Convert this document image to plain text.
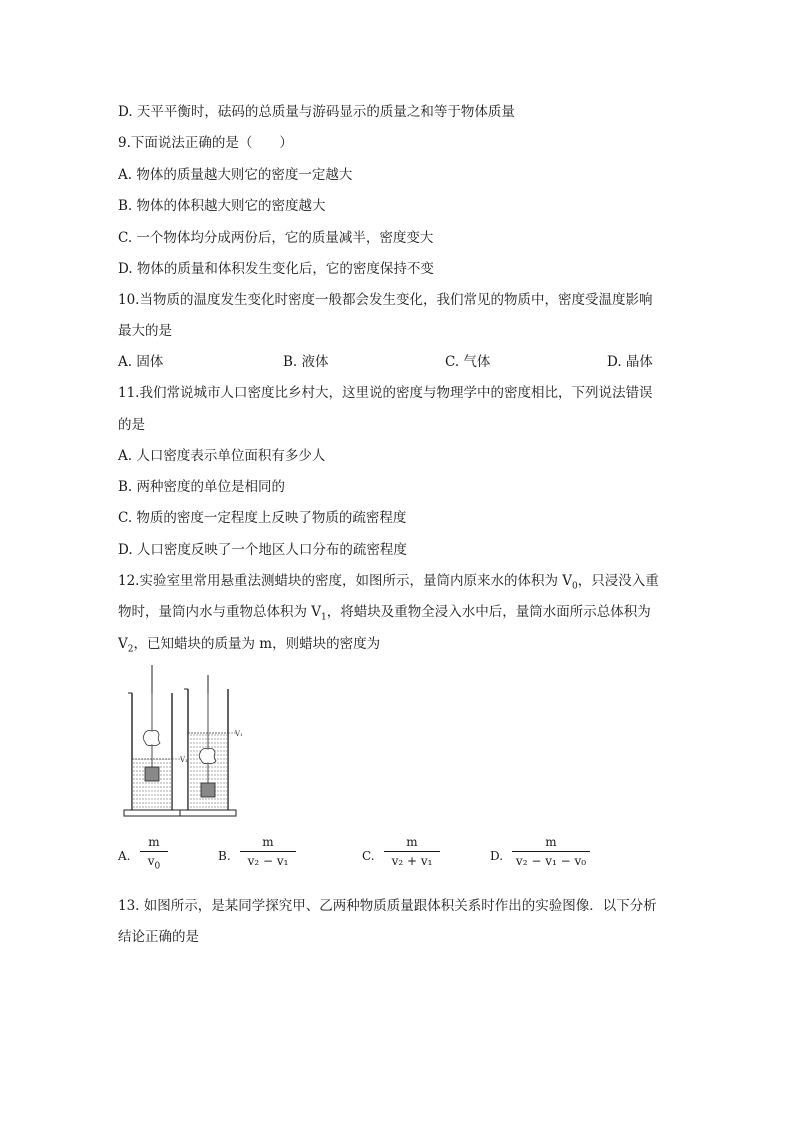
D. 天平平衡时，砝码的总质量与游码显示的质量之和等于物体质量
9.下面说法正确的是（　　）
A. 物体的质量越大则它的密度一定越大
B. 物体的体积越大则它的密度越大
C. 一个物体均分成两份后，它的质量减半，密度变大
D. 物体的质量和体积发生变化后，它的密度保持不变
10.当物质的温度发生变化时密度一般都会发生变化，我们常见的物质中，密度受温度影响
最大的是
A. 固体	B. 液体	C. 气体	D. 晶体
11.我们常说城市人口密度比乡村大，这里说的密度与物理学中的密度相比，下列说法错误
的是
A. 人口密度表示单位面积有多少人
B. 两种密度的单位是相同的
C. 物质的密度一定程度上反映了物质的疏密程度
D. 人口密度反映了一个地区人口分布的疏密程度
12.实验室里常用悬重法测蜡块的密度，如图所示，量筒内原来水的体积为 $V_0$，只浸没入重
物时，量筒内水与重物总体积为 $V_1$，将蜡块及重物全浸入水中后，量筒水面所示总体积为
$V_2$，已知蜡块的质量为 m，则蜡块的密度为
V₁
V₁
A. $\frac{m}{v_0}$	B. $\frac{m}{\text{v₂ − v₁}}$	C. $\frac{m}{\text{v₂ + v₁}}$	D. $\frac{m}{\text{v₂ − v₁ − v₀}}$
13. 如图所示，是某同学探究甲、乙两种物质质量跟体积关系时作出的实验图像．以下分析
结论正确的是
